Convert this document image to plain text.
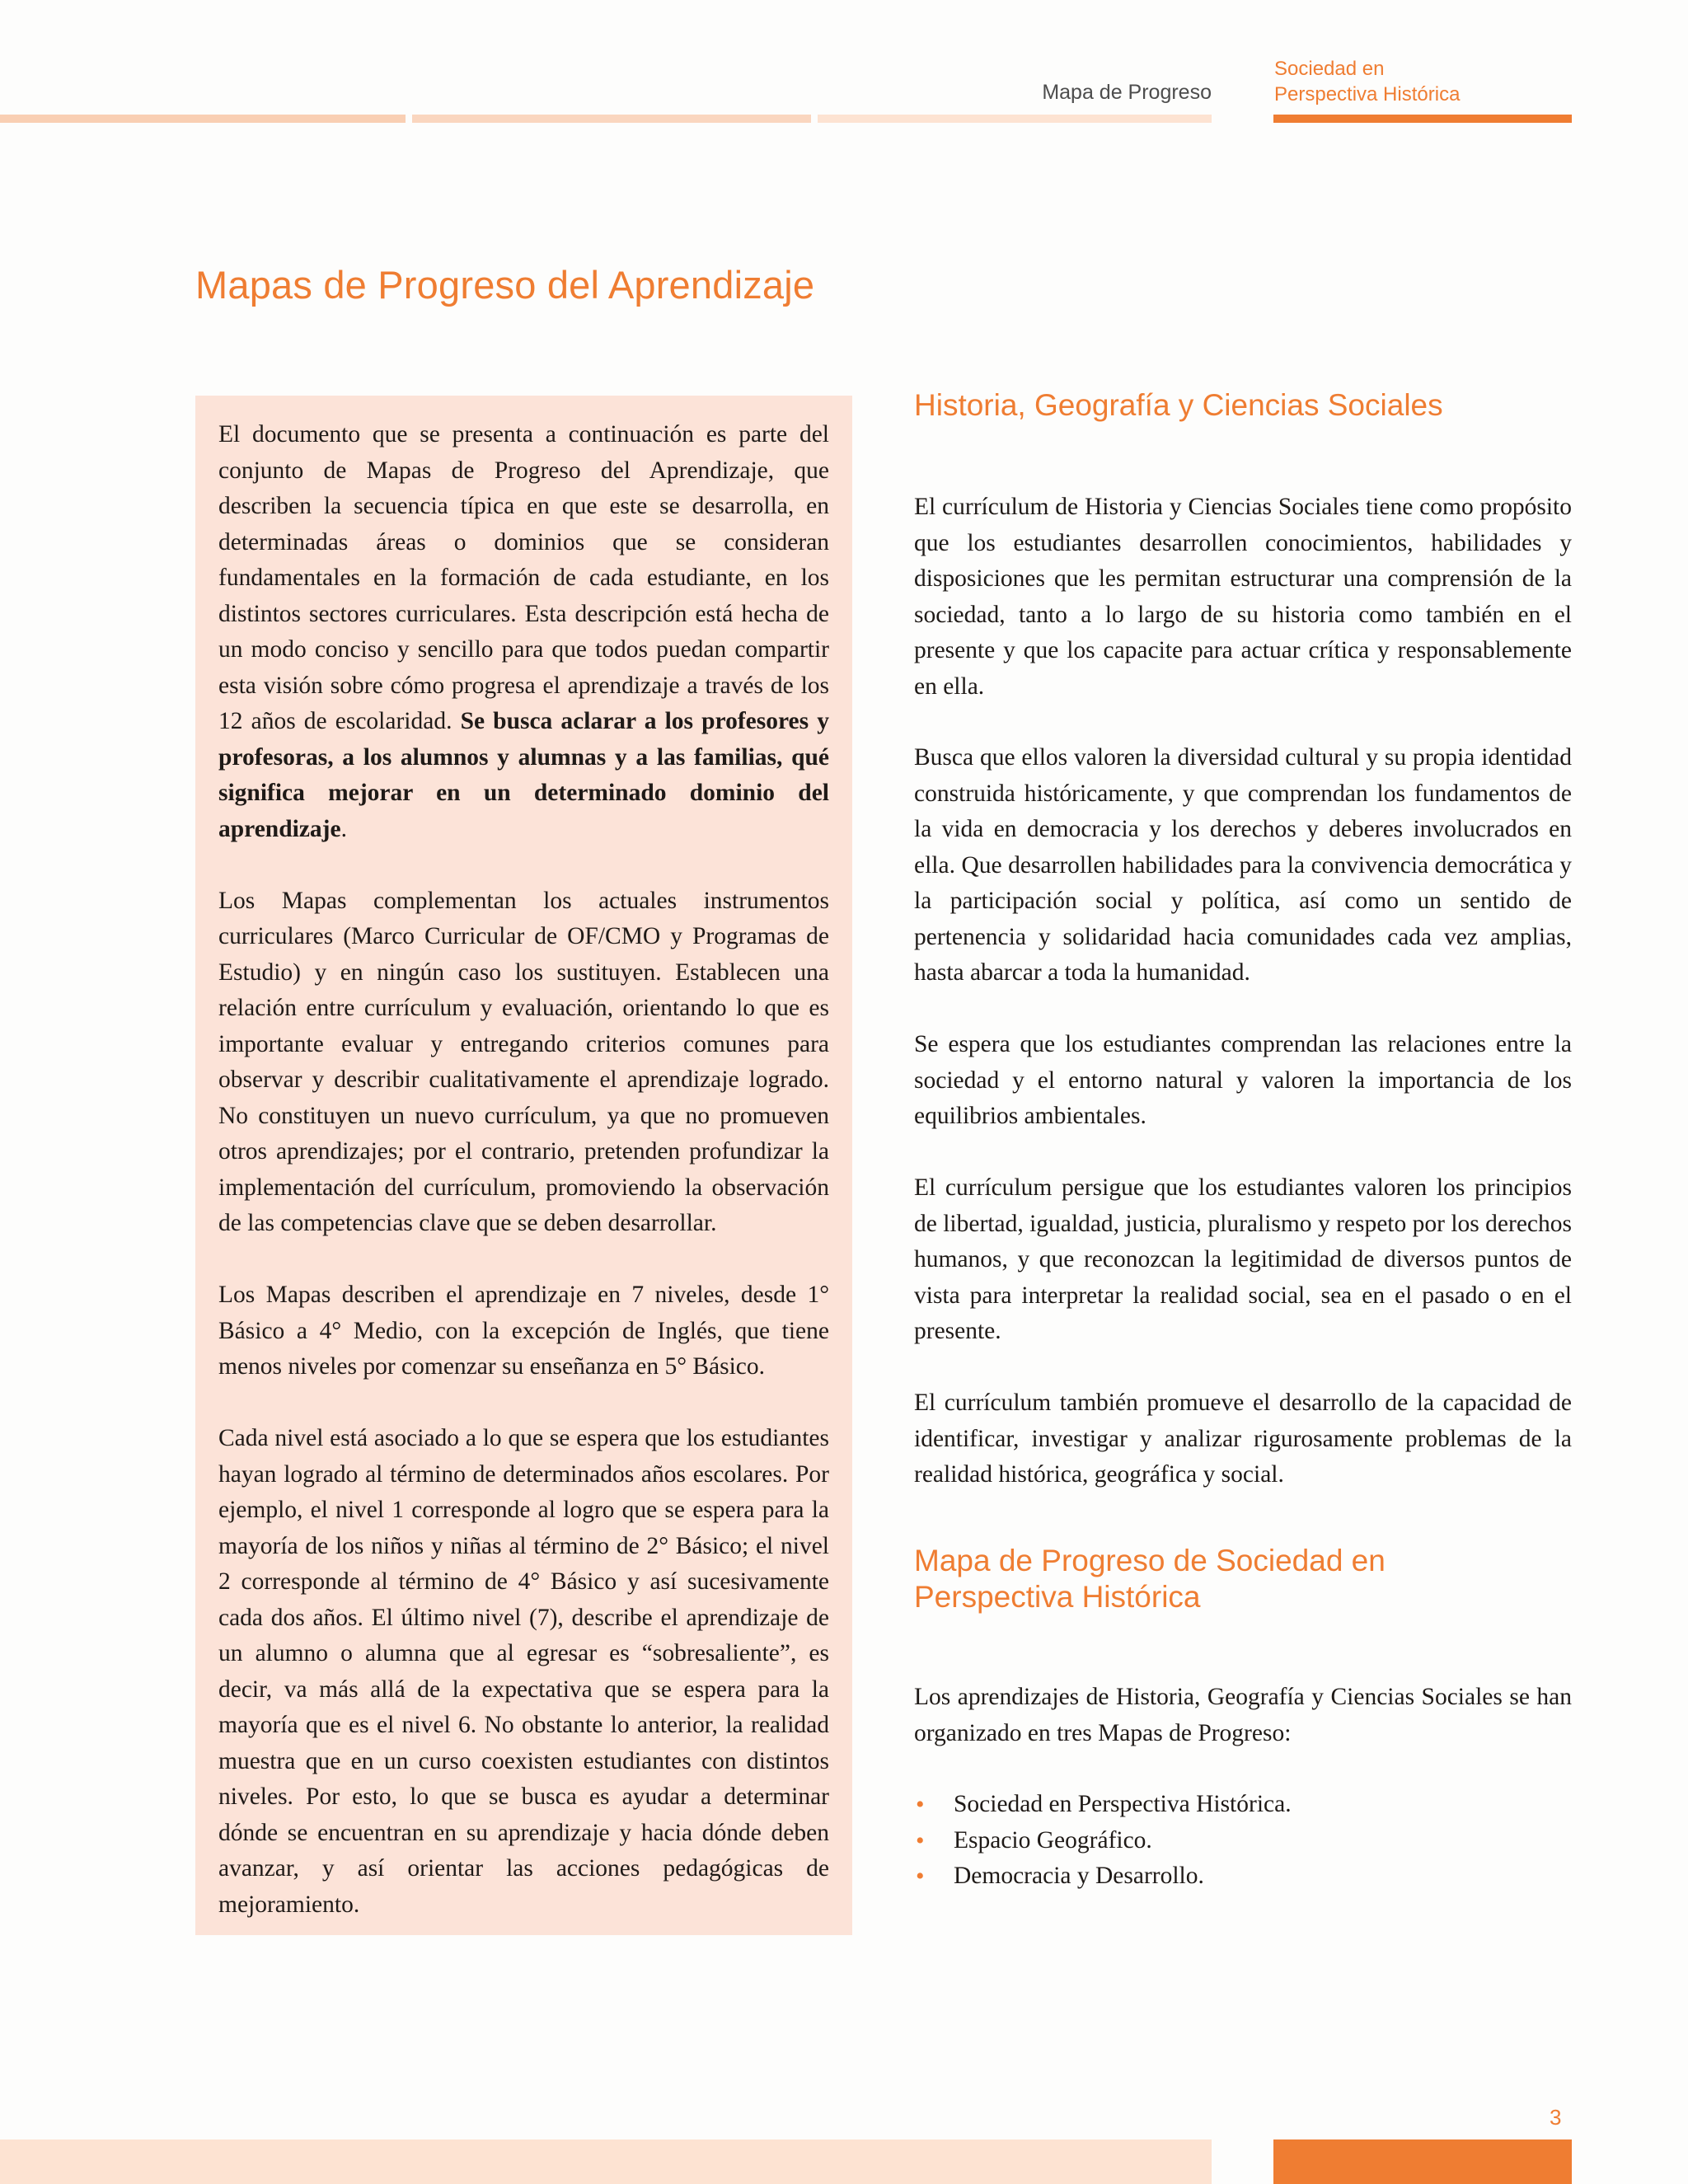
Mapa de Progreso
Sociedad en
Perspectiva Histórica
Mapas de Progreso del Aprendizaje

El documento que se presenta a continuación es parte del conjunto de Mapas de Progreso del Aprendizaje, que describen la secuencia típica en que este se desarrolla, en determinadas áreas o dominios que se consideran fundamentales en la formación de cada estudiante, en los distintos sectores curriculares. Esta descripción está hecha de un modo conciso y sencillo para que todos puedan compartir esta visión sobre cómo progresa el aprendizaje a través de los 12 años de escolaridad. Se busca aclarar a los profesores y profesoras, a los alumnos y alumnas y a las familias, qué significa mejorar en un determinado dominio del aprendizaje.

Los Mapas complementan los actuales instrumentos curriculares (Marco Curricular de OF/CMO y Programas de Estudio) y en ningún caso los sustituyen. Establecen una relación entre currículum y evaluación, orientando lo que es importante evaluar y entregando criterios comunes para observar y describir cualitativamente el aprendizaje logrado. No constituyen un nuevo currículum, ya que no promueven otros aprendizajes; por el contrario, pretenden profundizar la implementación del currículum, promoviendo la observación de las competencias clave que se deben desarrollar.

Los Mapas describen el aprendizaje en 7 niveles, desde 1° Básico a 4° Medio, con la excepción de Inglés, que tiene menos niveles por comenzar su enseñanza en 5° Básico.

Cada nivel está asociado a lo que se espera que los estudiantes hayan logrado al término de determinados años escolares. Por ejemplo, el nivel 1 corresponde al logro que se espera para la mayoría de los niños y niñas al término de 2° Básico; el nivel 2 corresponde al término de 4° Básico y así sucesivamente cada dos años. El último nivel (7), describe el aprendizaje de un alumno o alumna que al egresar es “sobresaliente”, es decir, va más allá de la expectativa que se espera para la mayoría que es el nivel 6. No obstante lo anterior, la realidad muestra que en un curso coexisten estudiantes con distintos niveles. Por esto, lo que se busca es ayudar a determinar dónde se encuentran en su aprendizaje y hacia dónde deben avanzar, y así orientar las acciones pedagógicas de mejoramiento.

Historia, Geografía y Ciencias Sociales

El currículum de Historia y Ciencias Sociales tiene como propósito que los estudiantes desarrollen conocimientos, habilidades y disposiciones que les permitan estructurar una comprensión de la sociedad, tanto a lo largo de su historia como también en el presente y que los capacite para actuar crítica y responsablemente en ella.

Busca que ellos valoren la diversidad cultural y su propia identidad construida históricamente, y que comprendan los fundamentos de la vida en democracia y los derechos y deberes involucrados en ella. Que desarrollen habilidades para la convivencia democrática y la participación social y política, así como un sentido de pertenencia y solidaridad hacia comunidades cada vez amplias, hasta abarcar a toda la humanidad.

Se espera que los estudiantes comprendan las relaciones entre la sociedad y el entorno natural y valoren la importancia de los equilibrios ambientales.

El currículum persigue que los estudiantes valoren los principios de libertad, igualdad, justicia, pluralismo y respeto por los derechos humanos, y que reconozcan la legitimidad de diversos puntos de vista para interpretar la realidad social, sea en el pasado o en el presente.

El currículum también promueve el desarrollo de la capacidad de identificar, investigar y analizar rigurosamente problemas de la realidad histórica, geográfica y social.

Mapa de Progreso de Sociedad en
Perspectiva Histórica

Los aprendizajes de Historia, Geografía y Ciencias Sociales se han organizado en tres Mapas de Progreso:

• Sociedad en Perspectiva Histórica.
• Espacio Geográfico.
• Democracia y Desarrollo.
3
